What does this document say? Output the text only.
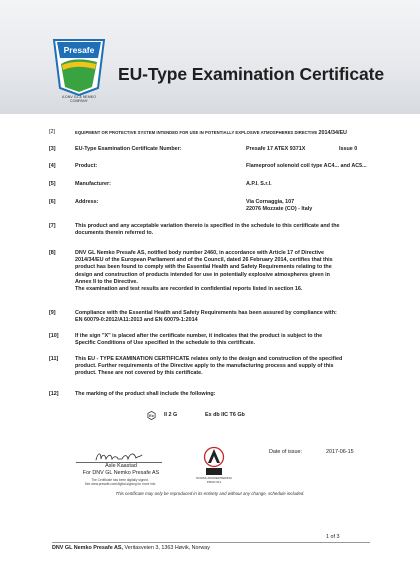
Presafe
A DNV GL & NEMKO
COMPANY
EU-Type Examination Certificate
[2]	EQUIPMENT OR PROTECTIVE SYSTEM INTENDED FOR USE IN POTENTIALLY EXPLOSIVE ATMOSPHERES DIRECTIVE 2014/34/EU
[3]	EU-Type Examination Certificate Number:	Presafe 17 ATEX 9371X	Issue 0
[4]	Product:	Flameproof solenoid coil type AC4... and AC5...
[5]	Manufacturer:	A.P.I. S.r.l.
[6]	Address:	Via Cornaggia, 107
22076 Mozzate (CO) - Italy
[7]	This product and any acceptable variation thereto is specified in the schedule to this certificate and the

documents therein referred to.

[8]	DNV GL Nemko Presafe AS, notified body number 2460, in accordance with Article 17 of Directive

2014/34/EU of the European Parliament and of the Council, dated 26 February 2014, certifies that this

product has been found to comply with the Essential Health and Safety Requirements relating to the

design and construction of products intended for use in potentially explosive atmospheres given in

Annex II to the Directive.

The examination and test results are recorded in confidential reports listed in section 16.

[9]	Compliance with the Essential Health and Safety Requirements has been assured by compliance with:

EN 60079-0:2012/A11:2013 and EN 60079-1:2014

[10]	If the sign "X" is placed after the certificate number, it indicates that the product is subject to the

Specific Conditions of Use specified in the schedule to this certificate.

[11]	This EU - TYPE EXAMINATION CERTIFICATE relates only to the design and construction of the specified

product. Further requirements of the Directive apply to the manufacturing process and supply of this

product. These are not covered by this certificate.

[12]	The marking of the product shall include the following:
Ex II 2 G	Ex db IIC T6 Gb
Asle Kaastad
For DNV GL Nemko Presafe AS
The Certificate has been digitally signed.
See www.presafe.com/digital-signing for more info
NORSK AKKREDITERING
PROD 011
Date of issue:	2017-06-15
This certificate may only be reproduced in its entirety and without any change, schedule included.
1 of 3
DNV GL Nemko Presafe AS, Veritasveien 3, 1363 Høvik, Norway
